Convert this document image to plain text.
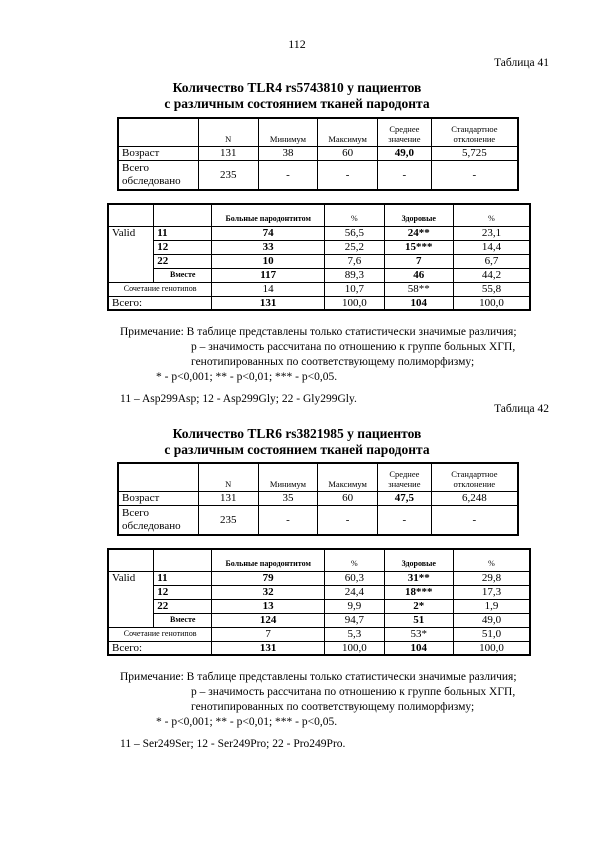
112
Таблица 41
Количество TLR4 rs5743810 у пациентов
с различным состоянием тканей пародонта
	N	Минимум	Максимум	Среднее значение	Стандартное отклонение
Возраст	131	38	60	49,0	5,725
Всего обследовано	235	-	-	-	-
		Больные пародонтитом	%	Здоровые	%
Valid	11	74	56,5	24**	23,1
	12	33	25,2	15***	14,4
	22	10	7,6	7	6,7
	Вместе	117	89,3	46	44,2
Сочетание генотипов		14	10,7	58**	55,8
Всего:		131	100,0	104	100,0
Примечание: В таблице представлены только статистически значимые различия;
p – значимость рассчитана по отношению к группе больных ХГП,
генотипированных по соответствующему полиморфизму;
* - p<0,001; ** - p<0,01; *** - p<0,05.
11 – Asp299Asp; 12 - Asp299Gly; 22 - Gly299Gly.
Таблица 42
Количество TLR6 rs3821985 у пациентов
с различным состоянием тканей пародонта
	N	Минимум	Максимум	Среднее значение	Стандартное отклонение
Возраст	131	35	60	47,5	6,248
Всего обследовано	235	-	-	-	-
		Больные пародонтитом	%	Здоровые	%
Valid	11	79	60,3	31**	29,8
	12	32	24,4	18***	17,3
	22	13	9,9	2*	1,9
	Вместе	124	94,7	51	49,0
Сочетание генотипов		7	5,3	53*	51,0
Всего:		131	100,0	104	100,0
Примечание: В таблице представлены только статистически значимые различия;
p – значимость рассчитана по отношению к группе больных ХГП,
генотипированных по соответствующему полиморфизму;
* - p<0,001; ** - p<0,01; *** - p<0,05.
11 – Ser249Ser; 12 - Ser249Pro; 22 - Pro249Pro.
